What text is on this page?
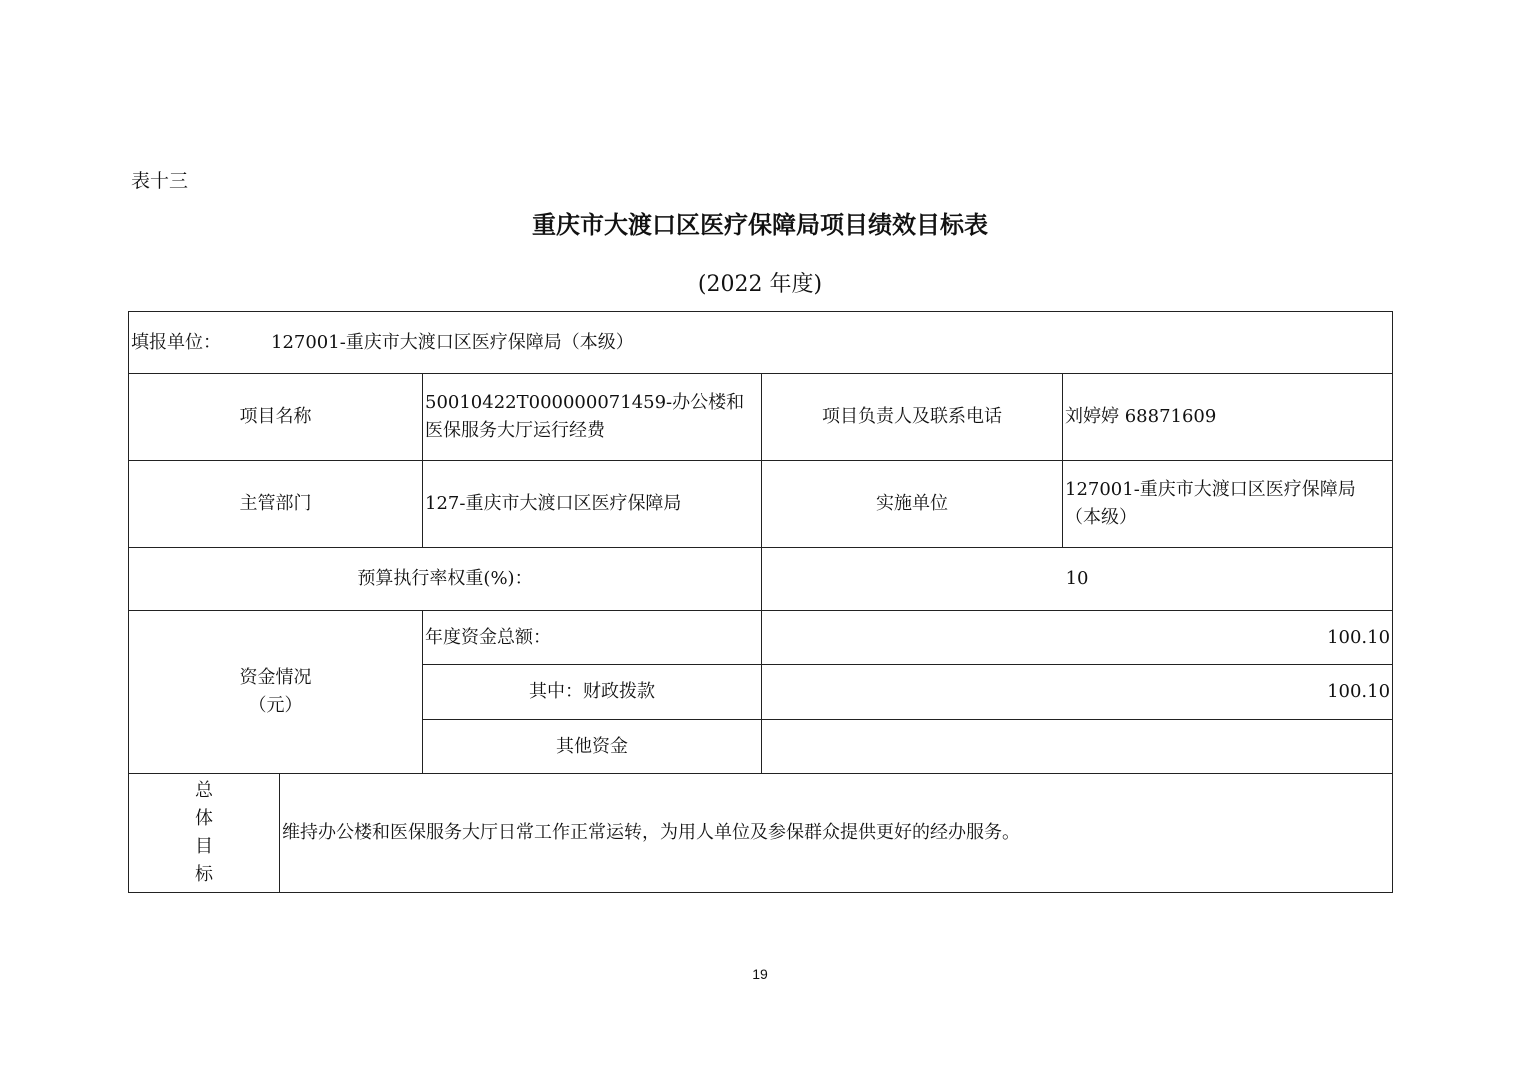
表十三
重庆市大渡口区医疗保障局项目绩效目标表
(2022 年度)
填报单位： 127001-重庆市大渡口区医疗保障局（本级）				
项目名称		50010422T000000071459-办公楼和医保服务大厅运行经费	项目负责人及联系电话	刘婷婷 68871609
主管部门		127-重庆市大渡口区医疗保障局	实施单位	127001-重庆市大渡口区医疗保障局（本级）
预算执行率权重(%)：			10	
资金情况
（元）		年度资金总额：	100.10	
		其中：财政拨款	100.10	
		其他资金		

总
体
目
标	维持办公楼和医保服务大厅日常工作正常运转，为用人单位及参保群众提供更好的经办服务。			
19
